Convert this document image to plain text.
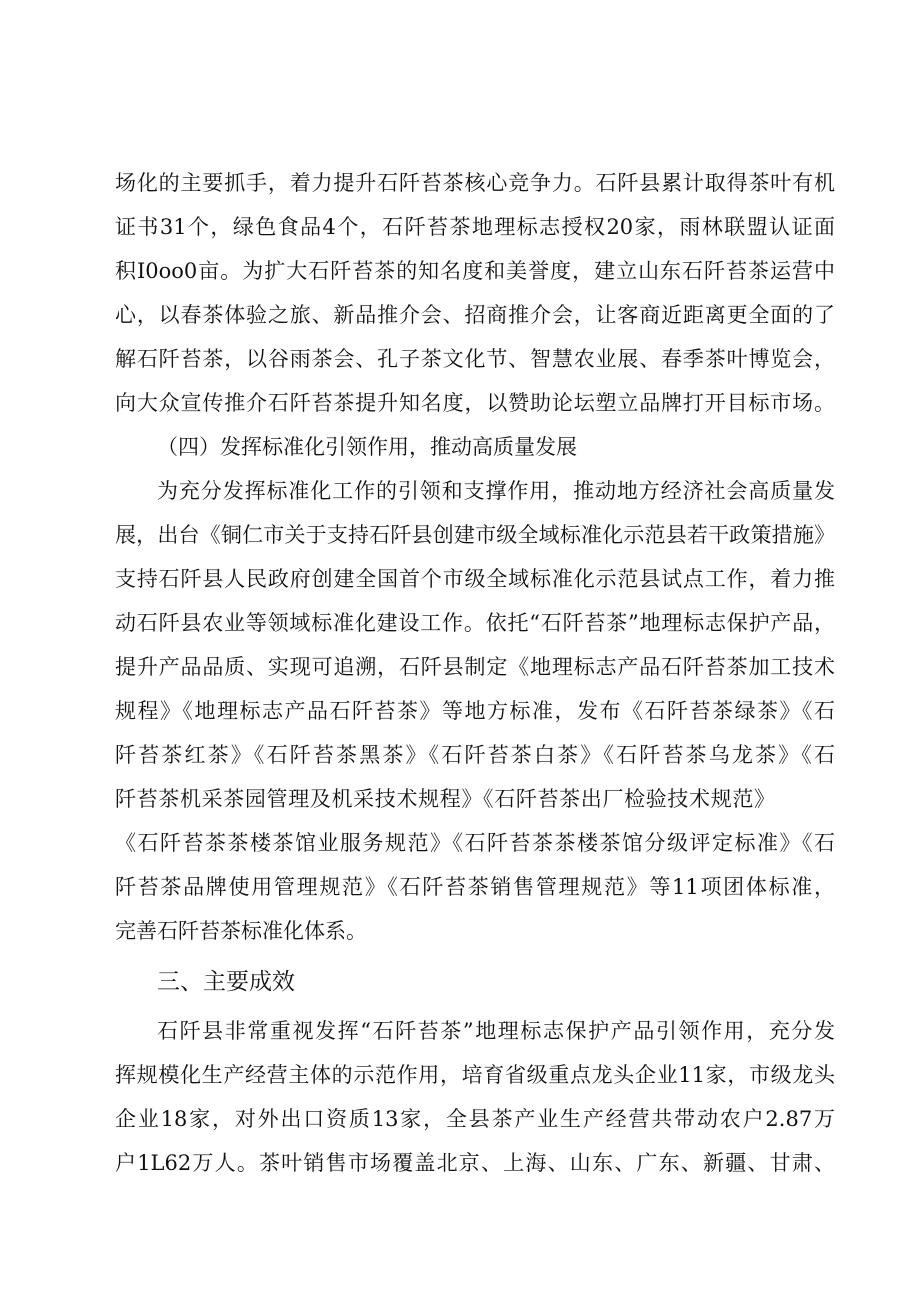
场化的主要抓手，着力提升石阡苔茶核心竞争力。石阡县累计取得茶叶有机
证书31个，绿色食品4个，石阡苔茶地理标志授权20家，雨林联盟认证面
积I0oo0亩。为扩大石阡苔茶的知名度和美誉度，建立山东石阡苔茶运营中
心，以春茶体验之旅、新品推介会、招商推介会，让客商近距离更全面的了
解石阡苔茶，以谷雨茶会、孔子茶文化节、智慧农业展、春季茶叶博览会，
向大众宣传推介石阡苔茶提升知名度，以赞助论坛塑立品牌打开目标市场。
（四）发挥标准化引领作用，推动高质量发展
为充分发挥标准化工作的引领和支撑作用，推动地方经济社会高质量发
展，出台《铜仁市关于支持石阡县创建市级全域标准化示范县若干政策措施》
支持石阡县人民政府创建全国首个市级全域标准化示范县试点工作，着力推
动石阡县农业等领域标准化建设工作。依托“石阡苔茶”地理标志保护产品，
提升产品品质、实现可追溯，石阡县制定《地理标志产品石阡苔茶加工技术
规程》《地理标志产品石阡苔茶》等地方标准，发布《石阡苔茶绿茶》《石
阡苔茶红茶》《石阡苔茶黑茶》《石阡苔茶白茶》《石阡苔茶乌龙茶》《石
阡苔茶机采茶园管理及机采技术规程》《石阡苔茶出厂检验技术规范》
《石阡苔茶茶楼茶馆业服务规范》《石阡苔茶茶楼茶馆分级评定标准》《石
阡苔茶品牌使用管理规范》《石阡苔茶销售管理规范》等11项团体标准，
完善石阡苔茶标准化体系。
三、主要成效
石阡县非常重视发挥“石阡苔茶”地理标志保护产品引领作用，充分发
挥规模化生产经营主体的示范作用，培育省级重点龙头企业11家，市级龙头
企业18家，对外出口资质13家，全县茶产业生产经营共带动农户2.87万
户1L62万人。茶叶销售市场覆盖北京、上海、山东、广东、新疆、甘肃、
